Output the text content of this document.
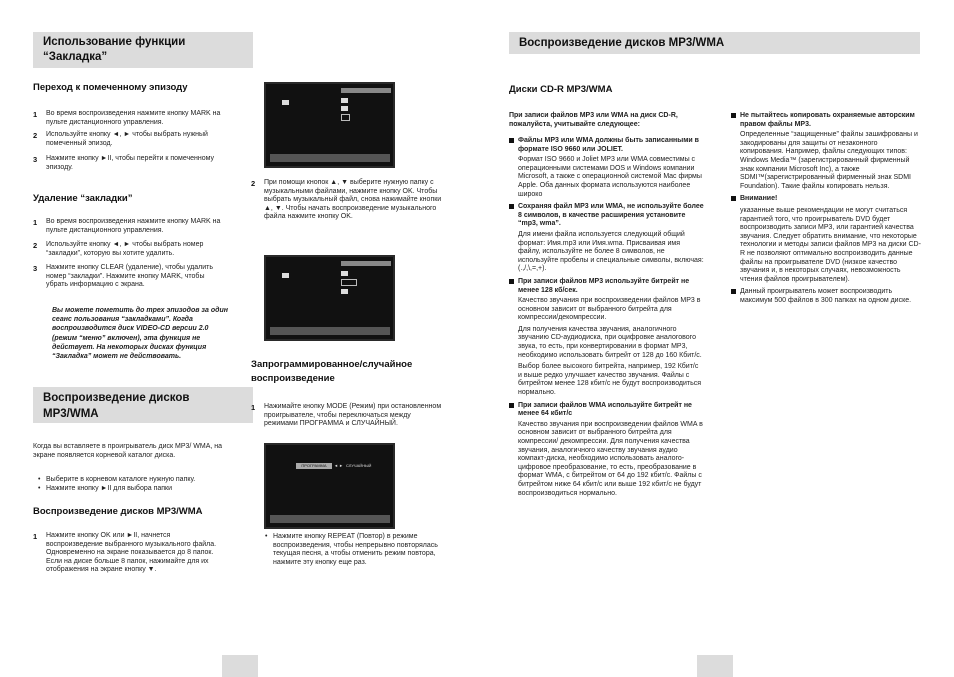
Использование функции “Закладка”
Переход к помеченному эпизоду
1 Во время воспроизведения нажмите кнопку MARK на пульте дистанционного управления.
2 Используйте кнопку ◄, ► чтобы выбрать нужный помеченный эпизод.
3 Нажмите кнопку ►II, чтобы перейти к помеченному эпизоду.
Удаление “закладки”
1 Во время воспроизведения нажмите кнопку MARK на пульте дистанционного управления.
2 Используйте кнопку ◄, ► чтобы выбрать номер “закладки”, которую вы хотите удалить.
3 Нажмите кнопку CLEAR (удаление), чтобы удалить номер “закладки”. Нажмите кнопку MARK, чтобы убрать информацию с экрана.
Вы можете пометить до трех эпизодов за один сеанс пользования “закладками”. Когда воспроизводится диск VIDEO-CD версии 2.0 (режим “меню” включен), эта функция не действует. На некоторых дисках функция “Закладка” может не действовать.
Воспроизведение дисков MP3/WMA
Когда вы вставляете в проигрыватель диск MP3/ WMA, на экране появляется корневой каталог диска.
• Выберите в корневом каталоге нужную папку.
• Нажмите кнопку ►II для выбора папки
Воспроизведение дисков MP3/WMA
1 Нажмите кнопку OK или ►II, начнется воспроизведение выбранного музыкального файла. Одновременно на экране показывается до 8 папок. Если на диске больше 8 папок, нажимайте для их отображения на экране кнопку ▼.
2 При помощи кнопок ▲, ▼ выберите нужную папку с музыкальными файлами, нажмите кнопку OK. Чтобы выбрать музыкальный файл, снова нажимайте кнопки ▲, ▼. Чтобы начать воспроизведение музыкального файла нажмите кнопку OK.
Запрограммированное/случайное воспроизведение
1 Нажимайте кнопку MODE (Режим) при остановленном проигрывателе, чтобы переключаться между режимами ПРОГРАММА и СЛУЧАЙНЫЙ.
ПРОГРАММА	◄ ► СЛУЧАЙНЫЙ
• Нажмите кнопку REPEAT (Повтор) в режиме воспроизведения, чтобы непрерывно повторялась текущая песня, а чтобы отменить режим повтора, нажмите эту кнопку еще раз.
Воспроизведение дисков MP3/WMA
Диски CD-R MP3/WMA
При записи файлов MP3 или WMA на диск CD-R, пожалуйста, учитывайте следующее:
Файлы MP3 или WMA должны быть записанными в формате ISO 9660 или JOLIET.

Формат ISO 9660 и Joliet MP3 или WMA совместимы с операционными системами DOS и Windows компании Microsoft, а также с операционной системой Mac фирмы Apple. Оба данных формата используются наиболее широко

Сохраняя файл MP3 или WMA, не используйте более 8 символов, в качестве расширения установите “mp3, wma”.

Для имени файла используется следующий общий формат: Имя.mp3 или Имя.wma. Присваивая имя файлу, используйте не более 8 символов, не используйте пробелы и специальные символы, включая:(.,/,\,=,+).

При записи файлов MP3 используйте битрейт не менее 128 кб/сек.

Качество звучания при воспроизведении файлов MP3 в основном зависит от выбранного битрейта для компрессии/декомпрессии.

Для получения качества звучания, аналогичного звучанию CD-аудиодиска, при оцифровке аналогового звука, то есть, при конвертировании в формат MP3, необходимо использовать битрейт от 128 до 160 Кбит/с.

Выбор более высокого битрейта, например, 192 Кбит/с и выше редко улучшает качество звучания. Файлы с битрейтом менее 128 кбит/с не будут воспроизводиться нормально.

При записи файлов WMA используйте битрейт не менее 64 кбит/с

Качество звучания при воспроизведении файлов WMA в основном зависит от выбранного битрейта для компрессии/ декомпрессии. Для получения качества звучания, аналогичного качеству звучания аудио компакт-диска, необходимо использовать аналого-цифровое преобразование, то есть, преобразование в формат WMA, с битрейтом от 64 до 192 кбит/с. Файлы с битрейтом ниже 64 кбит/с или выше 192 кбит/с не будут воспроизводиться нормально.

Не пытайтесь копировать охраняемые авторским правом файлы MP3.

Определенные “защищенные” файлы зашифрованы и закодированы для защиты от незаконного копирования. Например, файлы следующих типов: Windows Media™ (зарегистрированный фирменный знак компании Microsoft Inc), а также SDMI™(зарегистрированный фирменный знак SDMI Foundation). Такие файлы копировать нельзя.

Внимание!

указанные выше рекомендации не могут считаться гарантией того, что проигрыватель DVD будет воспроизводить записи MP3, или гарантией качества звучания. Следует обратить внимание, что некоторые технологии и методы записи файлов MP3 на диски CD-R не позволяют оптимально воспроизводить данные файлы на проигрывателе DVD (низкое качество звучания и, в некоторых случаях, невозможность чтения файлов проигрывателем).

Данный проигрыватель может воспроизводить максимум 500 файлов в 300 папках на одном диске.
